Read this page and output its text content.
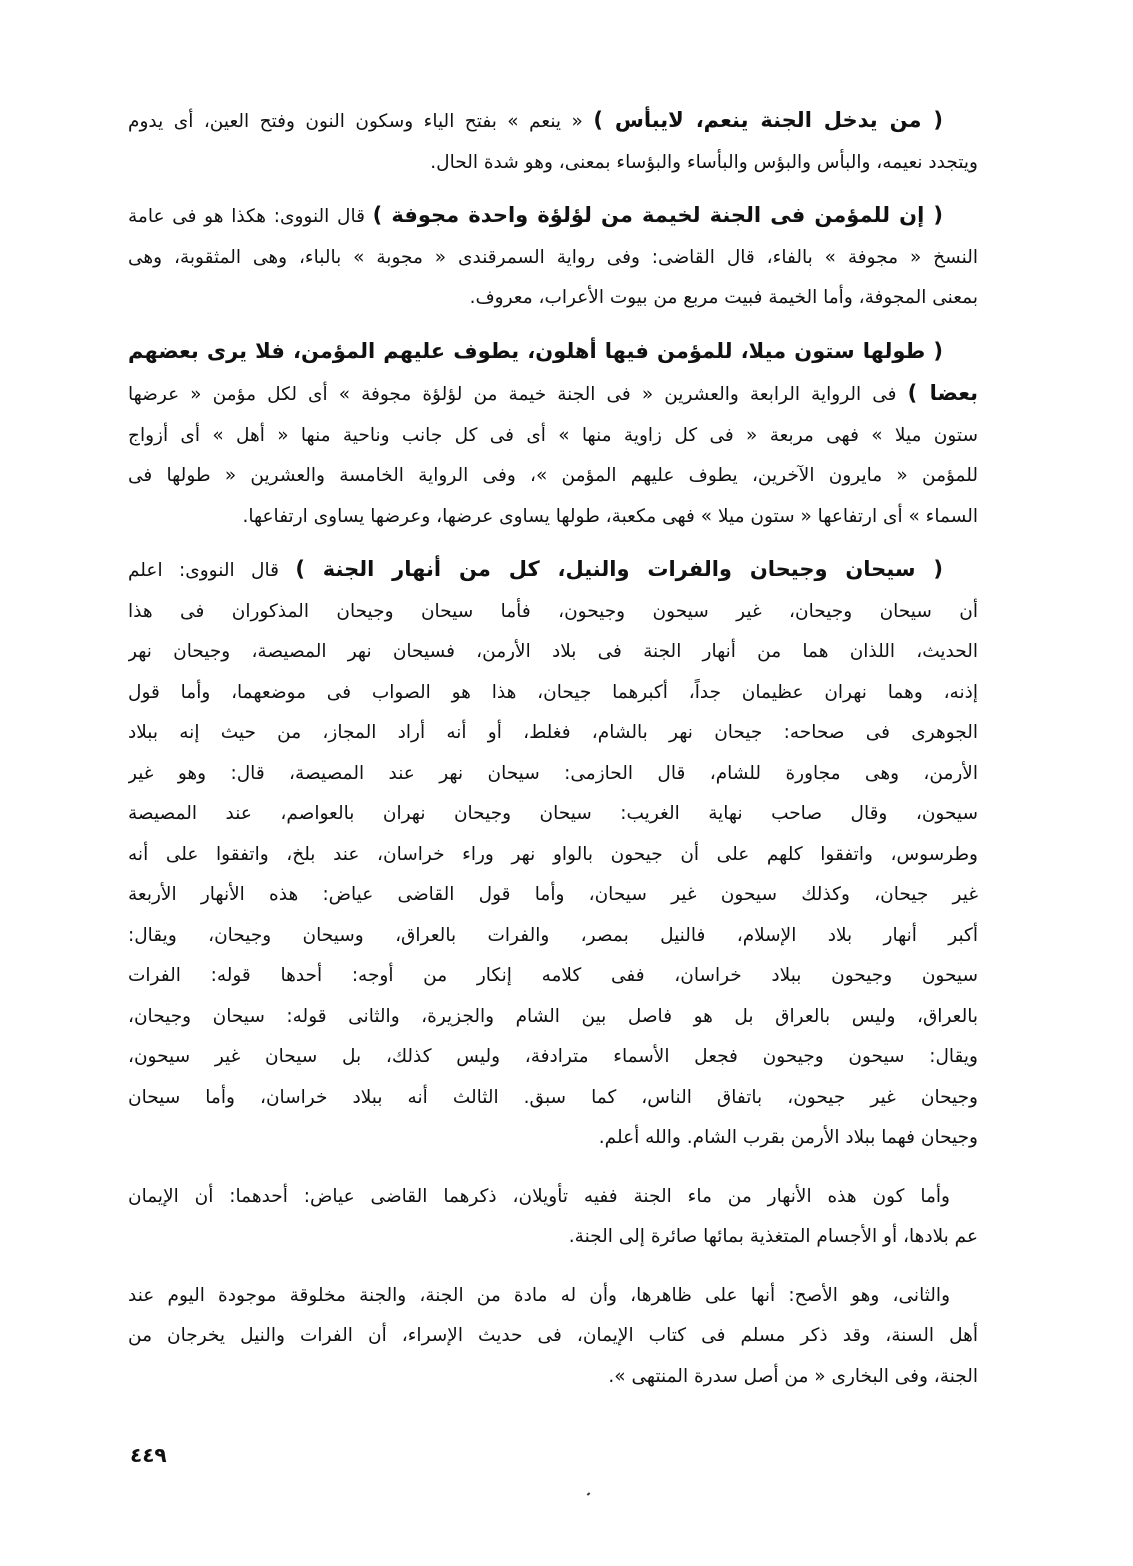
( من يدخل الجنة ينعم، لايبأس ) « ينعم » بفتح الياء وسكون النون وفتح العين، أى يدوم
ويتجدد نعيمه، والبأس والبؤس والبأساء والبؤساء بمعنى، وهو شدة الحال.
( إن للمؤمن فى الجنة لخيمة من لؤلؤة واحدة مجوفة ) قال النووى: هكذا هو فى عامة
النسخ « مجوفة » بالفاء، قال القاضى: وفى رواية السمرقندى « مجوبة » بالباء، وهى المثقوبة، وهى
بمعنى المجوفة، وأما الخيمة فبيت مربع من بيوت الأعراب، معروف.
( طولها ستون ميلا، للمؤمن فيها أهلون، يطوف عليهم المؤمن، فلا يرى بعضهم
بعضا ) فى الرواية الرابعة والعشرين « فى الجنة خيمة من لؤلؤة مجوفة » أى لكل مؤمن « عرضها
ستون ميلا » فهى مربعة « فى كل زاوية منها » أى فى كل جانب وناحية منها « أهل » أى أزواج
للمؤمن « مايرون الآخرين، يطوف عليهم المؤمن »، وفى الرواية الخامسة والعشرين « طولها فى
السماء » أى ارتفاعها « ستون ميلا » فهى مكعبة، طولها يساوى عرضها، وعرضها يساوى ارتفاعها.
( سيحان وجيحان والفرات والنيل، كل من أنهار الجنة ) قال النووى: اعلم
أن سيحان وجيحان، غير سيحون وجيحون، فأما سيحان وجيحان المذكوران فى هذا
الحديث، اللذان هما من أنهار الجنة فى بلاد الأرمن، فسيحان نهر المصيصة، وجيحان نهر
إذنه، وهما نهران عظيمان جداً، أكبرهما جيحان، هذا هو الصواب فى موضعهما، وأما قول
الجوهرى فى صحاحه: جيحان نهر بالشام، فغلط، أو أنه أراد المجاز، من حيث إنه ببلاد
الأرمن، وهى مجاورة للشام، قال الحازمى: سيحان نهر عند المصيصة، قال: وهو غير
سيحون، وقال صاحب نهاية الغريب: سيحان وجيحان نهران بالعواصم، عند المصيصة
وطرسوس، واتفقوا كلهم على أن جيحون بالواو نهر وراء خراسان، عند بلخ، واتفقوا على أنه
غير جيحان، وكذلك سيحون غير سيحان، وأما قول القاضى عياض: هذه الأنهار الأربعة
أكبر أنهار بلاد الإسلام، فالنيل بمصر، والفرات بالعراق، وسيحان وجيحان، ويقال:
سيحون وجيحون ببلاد خراسان، ففى كلامه إنكار من أوجه: أحدها قوله: الفرات
بالعراق، وليس بالعراق بل هو فاصل بين الشام والجزيرة، والثانى قوله: سيحان وجيحان،
ويقال: سيحون وجيحون فجعل الأسماء مترادفة، وليس كذلك، بل سيحان غير سيحون،
وجيحان غير جيحون، باتفاق الناس، كما سبق. الثالث أنه ببلاد خراسان، وأما سيحان
وجيحان فهما ببلاد الأرمن بقرب الشام. والله أعلم.
وأما كون هذه الأنهار من ماء الجنة ففيه تأويلان، ذكرهما القاضى عياض: أحدهما: أن الإيمان
عم بلادها، أو الأجسام المتغذية بمائها صائرة إلى الجنة.
والثانى، وهو الأصح: أنها على ظاهرها، وأن له مادة من الجنة، والجنة مخلوقة موجودة اليوم عند
أهل السنة، وقد ذكر مسلم فى كتاب الإيمان، فى حديث الإسراء، أن الفرات والنيل يخرجان من
الجنة، وفى البخارى « من أصل سدرة المنتهى ».
٤٤٩
